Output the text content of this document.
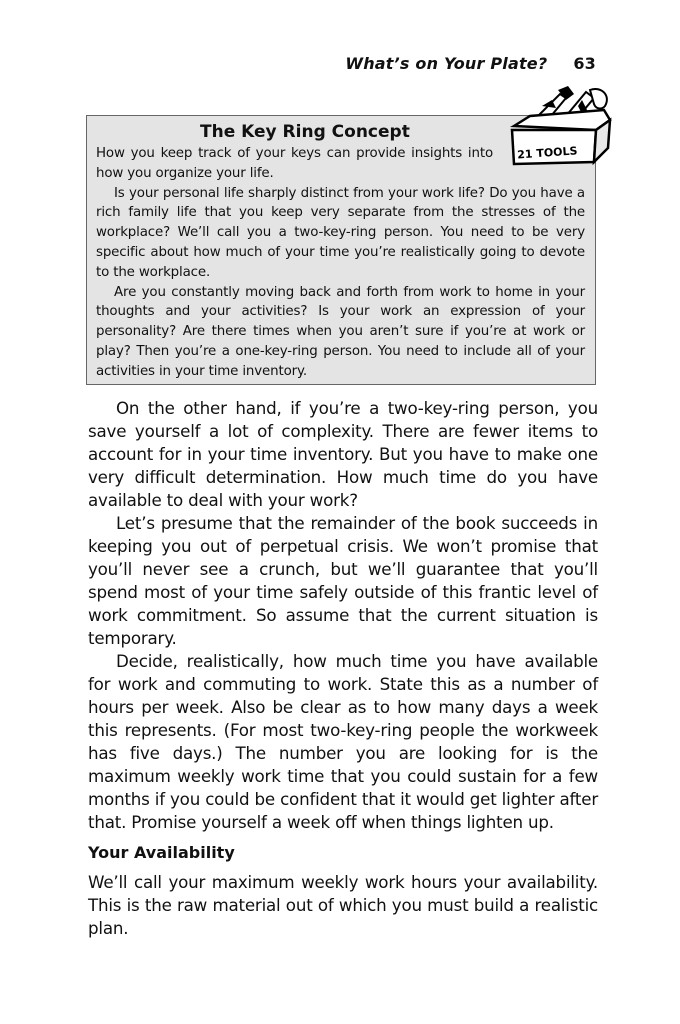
What’s on Your Plate? 63
The Key Ring Concept

How you keep track of your keys can provide insights into how you organize your life.

Is your personal life sharply distinct from your work life? Do you have a rich family life that you keep very separate from the stresses of the workplace? We’ll call you a two-key-ring person. You need to be very specific about how much of your time you’re realistically going to devote to the workplace.

Are you constantly moving back and forth from work to home in your thoughts and your activities? Is your work an expression of your personality? Are there times when you aren’t sure if you’re at work or play? Then you’re a one-key-ring person. You need to include all of your activities in your time inventory.

21 TOOLS

On the other hand, if you’re a two-key-ring person, you save yourself a lot of complexity. There are fewer items to account for in your time inventory. But you have to make one very difficult determination. How much time do you have available to deal with your work?

Let’s presume that the remainder of the book succeeds in keeping you out of perpetual crisis. We won’t promise that you’ll never see a crunch, but we’ll guarantee that you’ll spend most of your time safely outside of this frantic level of work commitment. So assume that the current situation is temporary.

Decide, realistically, how much time you have available for work and commuting to work. State this as a number of hours per week. Also be clear as to how many days a week this represents. (For most two-key-ring people the workweek has five days.) The number you are looking for is the maximum weekly work time that you could sustain for a few months if you could be confident that it would get lighter after that. Promise yourself a week off when things lighten up.

Your Availability

We’ll call your maximum weekly work hours your availability. This is the raw material out of which you must build a realistic plan.
